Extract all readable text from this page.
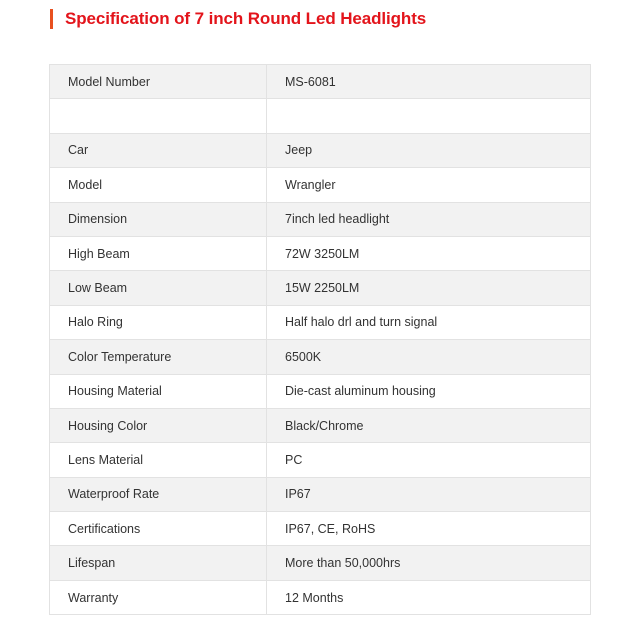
Specification of 7 inch Round Led Headlights
Model Number	MS-6081

Car	Jeep
Model	Wrangler
Dimension	7inch led headlight
High Beam	72W 3250LM
Low Beam	15W 2250LM
Halo Ring	Half halo drl and turn signal
Color Temperature	6500K
Housing Material	Die-cast aluminum housing
Housing Color	Black/Chrome
Lens Material	PC
Waterproof Rate	IP67
Certifications	IP67, CE, RoHS
Lifespan	More than 50,000hrs
Warranty	12 Months
